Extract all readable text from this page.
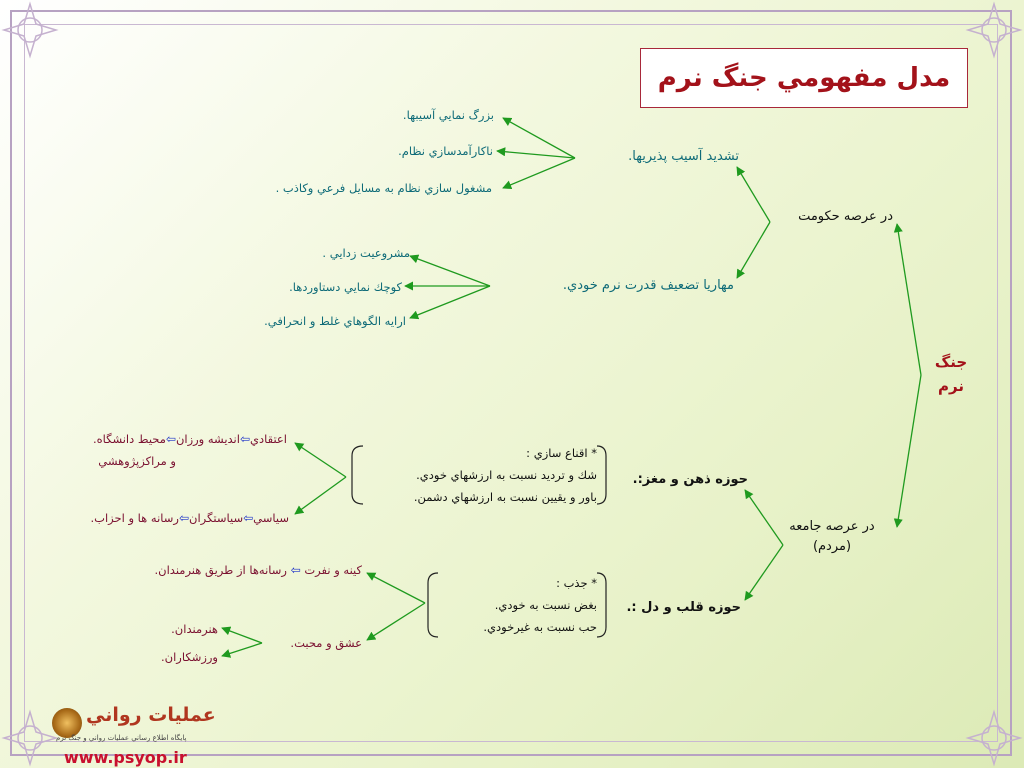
مدل مفهومي جنگ نرم
جنگ
نرم
در عرصه حکومت
تشديد آسيب پذيريها.
بزرگ نمايي آسيبها.
ناكارآمدسازي نظام.
مشغول سازي نظام به مسايل فرعي وكاذب .
مهاريا تضعيف قدرت نرم خودي.
مشروعيت زدايي .
كوچك نمايي دستاوردها.
ارايه الگوهاي غلط و انحرافي.
در عرصه جامعه
(مردم)
حوزه ذهن و مغز:.
* اقناع سازي :
شك و ترديد نسبت به ارزشهاي خودي.
باور و يقيين نسبت به ارزشهاي دشمن.
اعتقادي⇦انديشه ورزان⇦محيط دانشگاه.
و مراكزپژوهشي
سياسي⇦سياستگران⇦رسانه ها و احزاب.
حوزه قلب و دل :.
* جذب :
بغض نسبت به خودي.
حب نسبت به غيرخودي.
كينه و نفرت ⇦ رسانه‌ها از طريق هنرمندان.
عشق و محبت.
هنرمندان.
ورزشكاران.
عمليات رواني
پايگاه اطلاع رساني عمليات رواني و جنگ نرم
www.psyop.ir
